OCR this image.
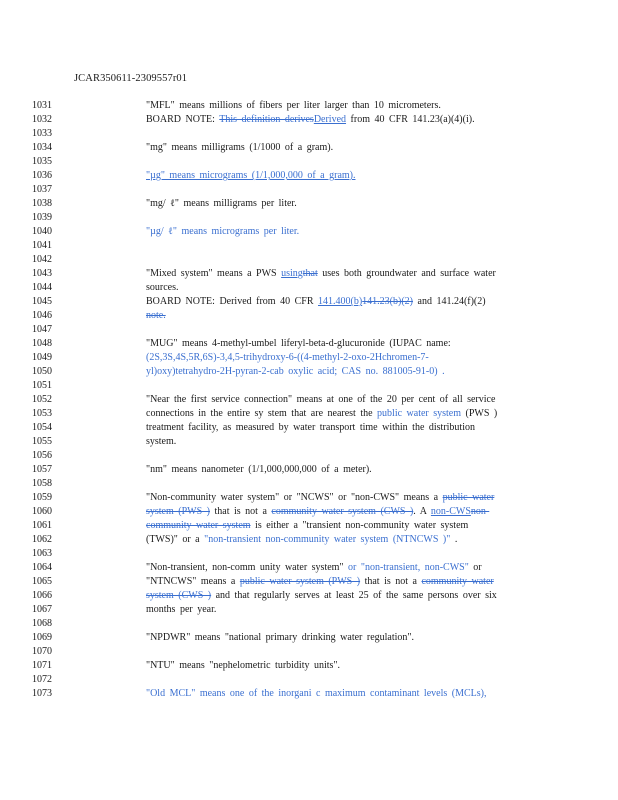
JCAR350611-2309557r01
1031
1032
1033
1034
1035
1036
1037
1038
1039
1040
1041
1042
1043
1044
1045
1046
1047
1048
1049
1050
1051
1052
1053
1054
1055
1056
1057
1058
1059
1060
1061
1062
1063
1064
1065
1066
1067
1068
1069
1070
1071
1072
1073
"MFL" means millions of fibers per liter larger than 10 micrometers.
BOARD NOTE: This definition derivesDerived from 40 CFR 141.23(a)(4)(i).
"mg" means milligrams (1/1000 of a gram).
"µg" means micrograms (1/1,000,000 of a gram).
"mg/ ℓ" means milligrams per liter.
"µg/ ℓ" means micrograms per liter.
"Mixed system" means a PWS usingthat uses both groundwater and surface water
sources.
BOARD NOTE: Derived from 40 CFR 141.400(b)141.23(b)(2) and 141.24(f)(2)
note.
"MUG" means 4-methyl-umbel liferyl-beta-d-glucuronide (IUPAC name:
(2S,3S,4S,5R,6S)-3,4,5-trihydroxy-6-((4-methyl-2-oxo-2Hchromen-7-
yl)oxy)tetrahydro-2H-pyran-2-cab oxylic acid; CAS no. 881005-91-0) .
"Near the first service connection" means at one of the 20 per cent of all service
connections in the entire sy stem that are nearest the public water system (PWS )
treatment facility, as measured by water transport time within the distribution
system.
"nm" means nanometer (1/1,000,000,000 of a meter).
"Non-community water system" or "NCWS" or "non-CWS" means a public water
system (PWS ) that is not a community water system (CWS ). A non-CWSnon-
community water system is either a "transient non-community water system
(TWS)" or a "non-transient non-community water system (NTNCWS )" .
"Non-transient, non-comm unity water system" or "non-transient, non-CWS" or
"NTNCWS" means a public water system (PWS ) that is not a community water
system (CWS ) and that regularly serves at least 25 of the same persons over six
months per year.
"NPDWR" means "national primary drinking water regulation".
"NTU" means "nephelometric turbidity units".
"Old MCL" means one of the inorgani c maximum contaminant levels (MCLs),
